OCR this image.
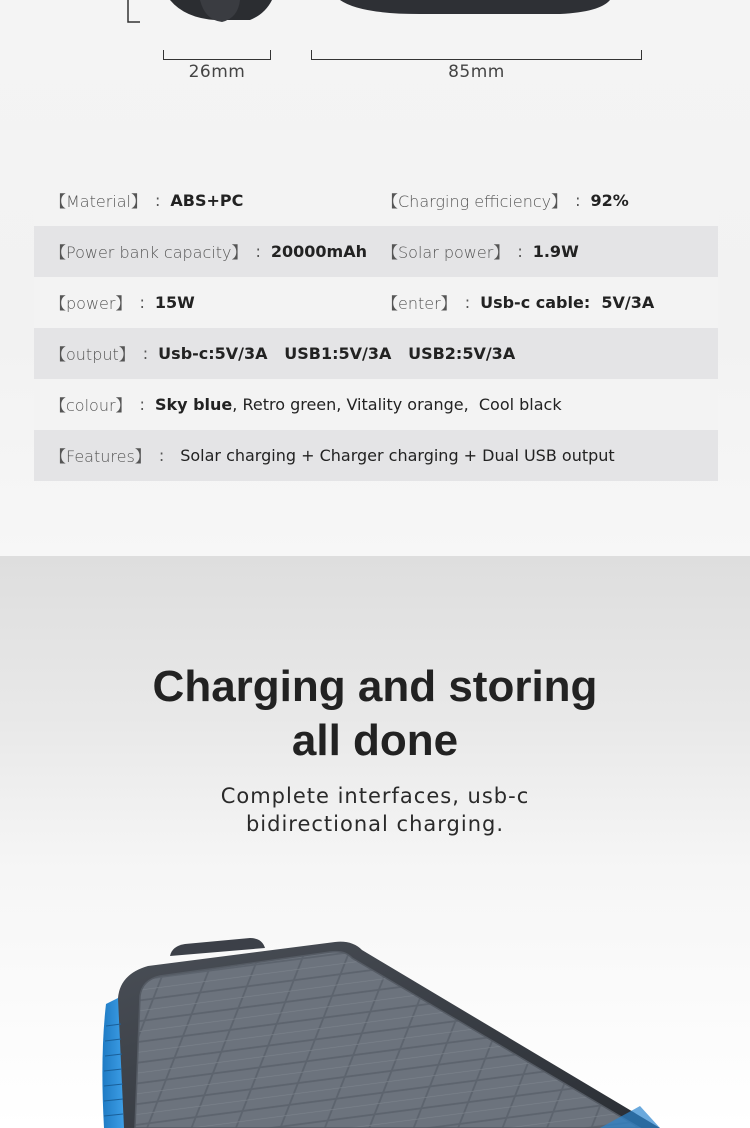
26mm	85mm
【Material】 : ABS+PC	【Charging efficiency】 : 92%
【Power bank capacity】 : 20000mAh 【Solar power】 : 1.9W
【power】 : 15W	【enter】 : Usb-c cable:  5V/3A
【output】 : Usb-c:5V/3A   USB1:5V/3A   USB2:5V/3A
【colour】 : Sky blue , Retro green, Vitality orange,  Cool black
【Features】 : Solar charging + Charger charging + Dual USB output
Charging and storing
all done
Complete interfaces, usb-c
bidirectional charging.
